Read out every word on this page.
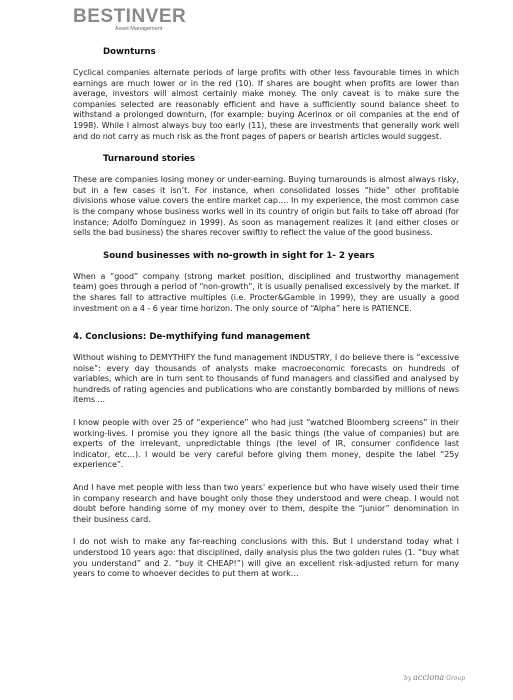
BESTINVER
Asset Management
Downturns

Cyclical companies alternate periods of large profits with other less favourable times in which earnings are much lower or in the red (10). If shares are bought when profits are lower than average, investors will almost certainly make money. The only caveat is to make sure the companies selected are reasonably efficient and have a sufficiently sound balance sheet to withstand a prolonged downturn, (for example: buying Acerinox or oil companies at the end of 1998). While I almost always buy too early (11), these are investments that generally work well and do not carry as much risk as the front pages of papers or bearish articles would suggest.

Turnaround stories

These are companies losing money or under-earning. Buying turnarounds is almost always risky, but in a few cases it isn’t. For instance, when consolidated losses “hide” other profitable divisions whose value covers the entire market cap…. In my experience, the most common case is the company whose business works well in its country of origin but fails to take off abroad (for instance; Adolfo Domínguez in 1999). As soon as management realizes it (and either closes or sells the bad business) the shares recover swiftly to reflect the value of the good business.

Sound businesses with no-growth in sight for 1- 2 years

When a “good” company (strong market position, disciplined and trustworthy management team) goes through a period of “non-growth”, it is usually penalised excessively by the market. If the shares fall to attractive multiples (i.e. Procter&Gamble in 1999), they are usually a good investment on a 4 - 6 year time horizon. The only source of “Alpha” here is PATIENCE.

4. Conclusions: De-mythifying fund management

Without wishing to DEMYTHIFY the fund management INDUSTRY, I do believe there is “excessive noise”: every day thousands of analysts make macroeconomic forecasts on hundreds of variables, which are in turn sent to thousands of fund managers and classified and analysed by hundreds of rating agencies and publications who are constantly bombarded by millions of news items ...

I know people with over 25 of “experience” who had just “watched Bloomberg screens” in their working-lives. I promise you they ignore all the basic things (the value of companies) but are experts of the irrelevant, unpredictable things (the level of IR, consumer confidence last indicator, etc…). I would be very careful before giving them money, despite the label “25y experience”.

And I have met people with less than two years’ experience but who have wisely used their time in company research and have bought only those they understood and were cheap. I would not doubt before handing some of my money over to them, despite the “junior” denomination in their business card.

I do not wish to make any far-reaching conclusions with this. But I understand today what I understood 10 years ago: that disciplined, daily analysis plus the two golden rules (1. “buy what you understand” and 2. “buy it CHEAP!”) will give an excellent risk-adjusted return for many years to come to whoever decides to put them at work…

by acciona Group
